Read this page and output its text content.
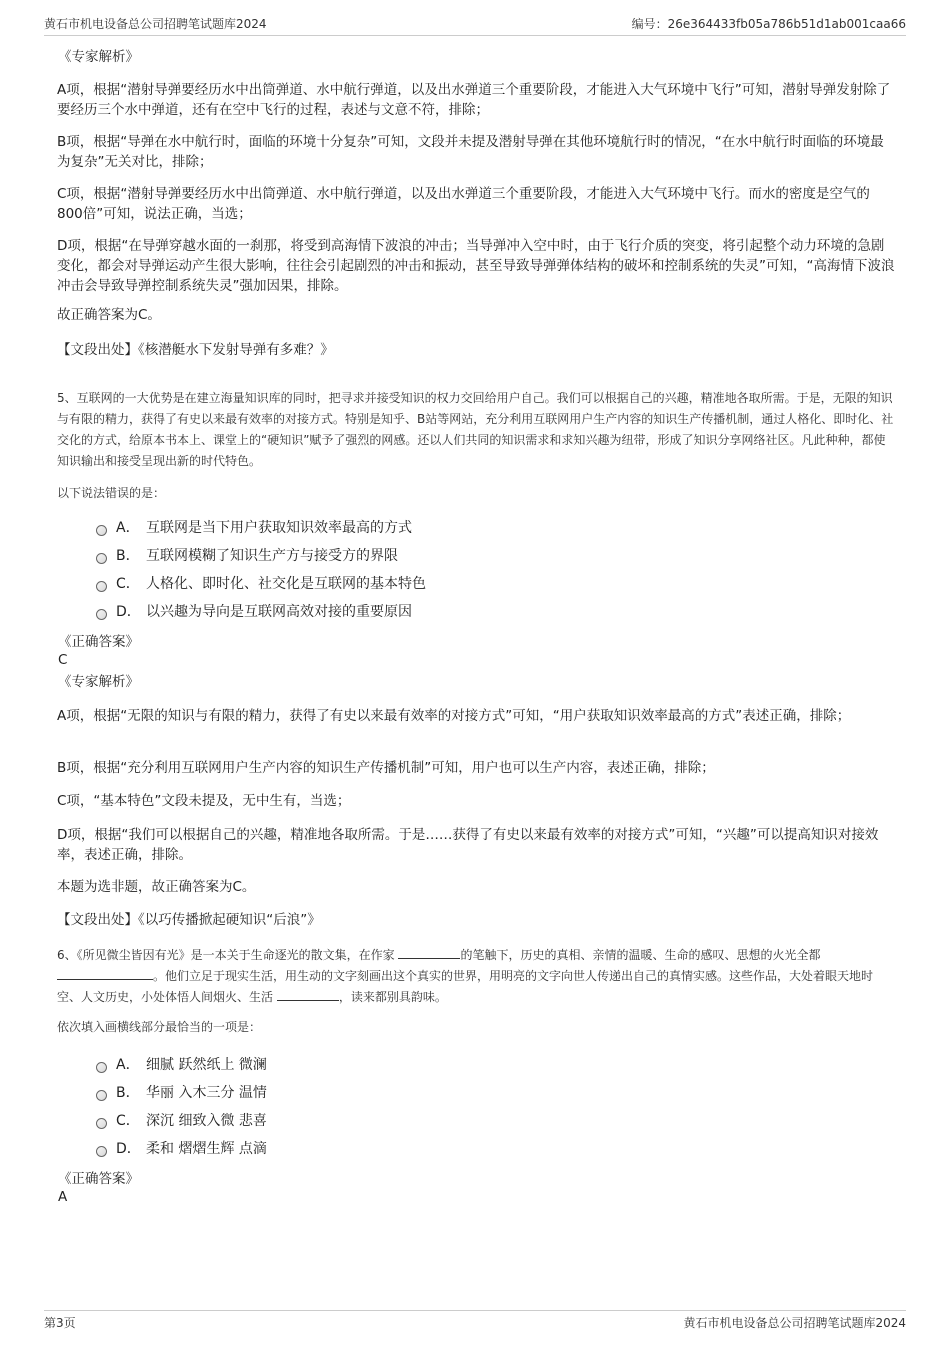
黄石市机电设备总公司招聘笔试题库2024	编号：26e364433fb05a786b51d1ab001caa66
《专家解析》
A项，根据“潜射导弹要经历水中出筒弹道、水中航行弹道，以及出水弹道三个重要阶段，才能进入大气环境中飞行”可知，潜射导弹发射除了要经历三个水中弹道，还有在空中飞行的过程，表述与文意不符，排除；
B项，根据“导弹在水中航行时，面临的环境十分复杂”可知，文段并未提及潜射导弹在其他环境航行时的情况，“在水中航行时面临的环境最为复杂”无关对比，排除；
C项，根据“潜射导弹要经历水中出筒弹道、水中航行弹道，以及出水弹道三个重要阶段，才能进入大气环境中飞行。而水的密度是空气的800倍”可知，说法正确，当选；
D项，根据“在导弹穿越水面的一刹那，将受到高海情下波浪的冲击；当导弹冲入空中时，由于飞行介质的突变，将引起整个动力环境的急剧变化，都会对导弹运动产生很大影响，往往会引起剧烈的冲击和振动，甚至导致导弹弹体结构的破坏和控制系统的失灵”可知，“高海情下波浪冲击会导致导弹控制系统失灵”强加因果，排除。
故正确答案为C。
【文段出处】《核潜艇水下发射导弹有多难？》
5、互联网的一大优势是在建立海量知识库的同时，把寻求并接受知识的权力交回给用户自己。我们可以根据自己的兴趣，精准地各取所需。于是，无限的知识与有限的精力，获得了有史以来最有效率的对接方式。特别是知乎、B站等网站，充分利用互联网用户生产内容的知识生产传播机制，通过人格化、即时化、社交化的方式，给原本书本上、课堂上的“硬知识”赋予了强烈的网感。还以人们共同的知识需求和求知兴趣为纽带，形成了知识分享网络社区。凡此种种，都使知识输出和接受呈现出新的时代特色。
以下说法错误的是：
A． 互联网是当下用户获取知识效率最高的方式
B． 互联网模糊了知识生产方与接受方的界限
C． 人格化、即时化、社交化是互联网的基本特色
D． 以兴趣为导向是互联网高效对接的重要原因
《正确答案》
C
《专家解析》
A项，根据“无限的知识与有限的精力，获得了有史以来最有效率的对接方式”可知，“用户获取知识效率最高的方式”表述正确，排除；
B项，根据“充分利用互联网用户生产内容的知识生产传播机制”可知，用户也可以生产内容，表述正确，排除；
C项，“基本特色”文段未提及，无中生有，当选；
D项，根据“我们可以根据自己的兴趣，精准地各取所需。于是……获得了有史以来最有效率的对接方式”可知，“兴趣”可以提高知识对接效率，表述正确，排除。
本题为选非题，故正确答案为C。
【文段出处】《以巧传播掀起硬知识“后浪”》
6、《所见微尘皆因有光》是一本关于生命逐光的散文集，在作家	的笔触下，历史的真相、亲情的温暖、生命的感叹、思想的火光全都 。他们立足于现实生活，用生动的文字刻画出这个真实的世界，用明亮的文字向世人传递出自己的真情实感。这些作品，大处着眼天地时空、人文历史，小处体悟人间烟火、生活	，读来都别具韵味。
依次填入画横线部分最恰当的一项是：
A． 细腻 跃然纸上 微澜
B． 华丽 入木三分 温情
C． 深沉 细致入微 悲喜
D． 柔和 熠熠生辉 点滴
《正确答案》
A
第3页	黄石市机电设备总公司招聘笔试题库2024
